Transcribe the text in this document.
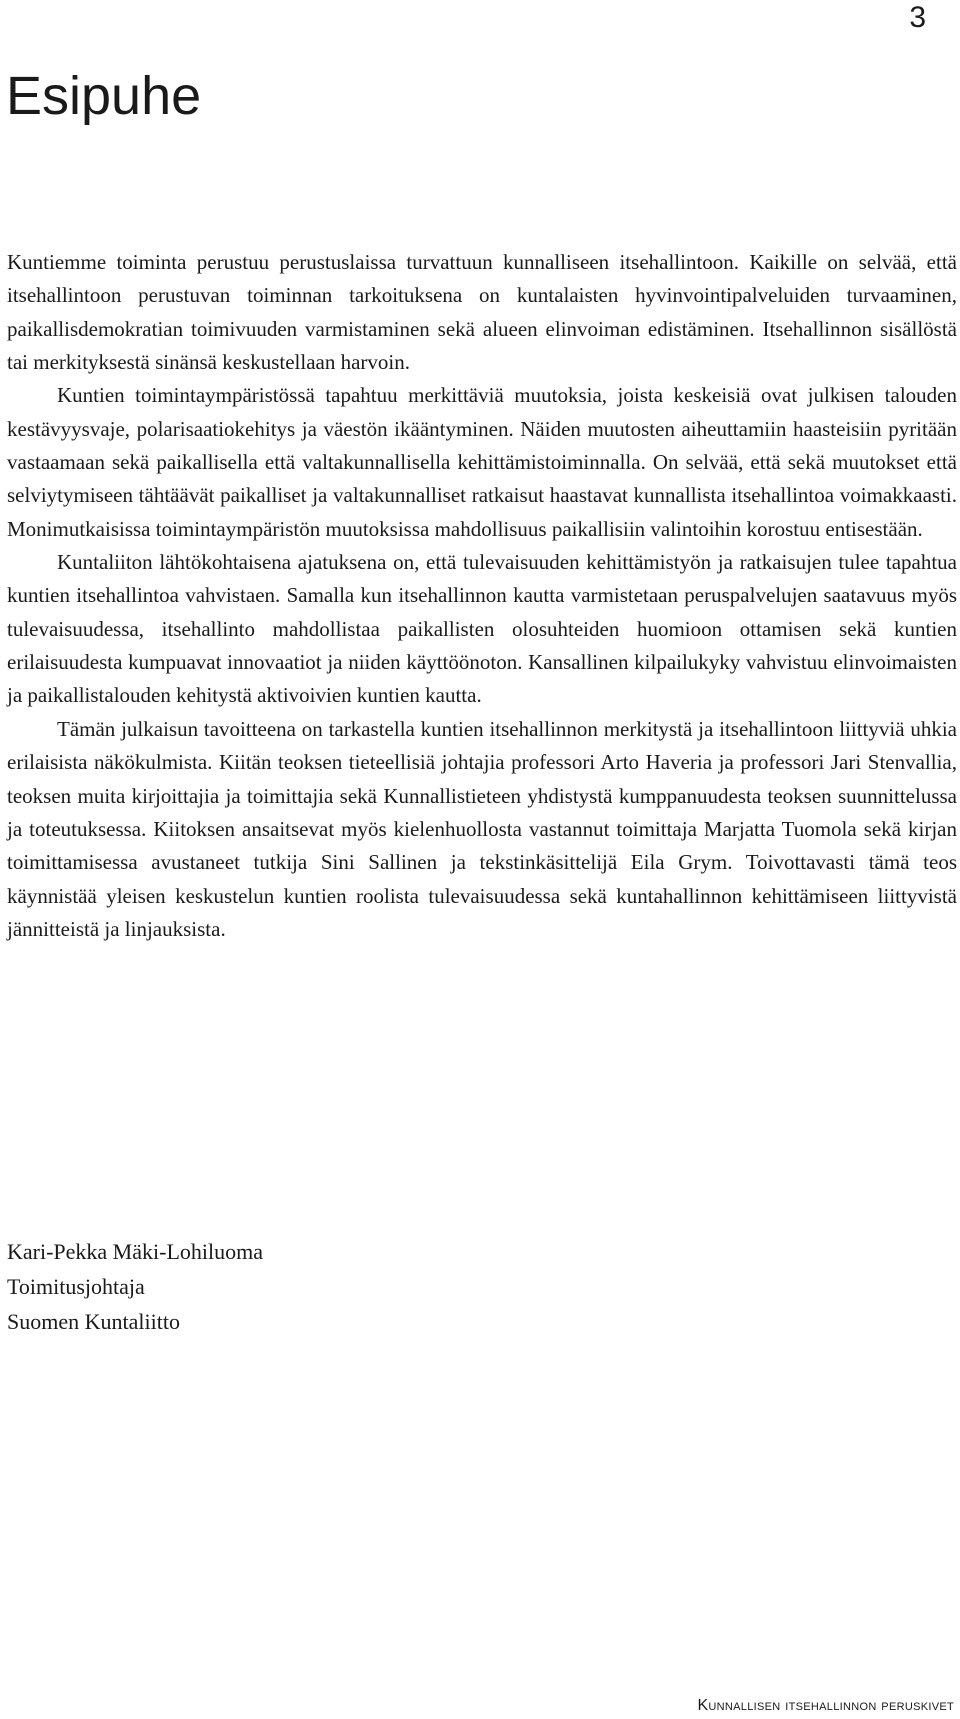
3
Esipuhe

Kuntiemme toiminta perustuu perustuslaissa turvattuun kunnalliseen itsehallintoon. Kaikille on selvää, että itsehallintoon perustuvan toiminnan tarkoituksena on kuntalaisten hyvinvointipalveluiden turvaaminen, paikallisdemokratian toimivuuden varmistaminen sekä alueen elinvoiman edistäminen. Itsehallinnon sisällöstä tai merkityksestä sinänsä keskustellaan harvoin.

Kuntien toimintaympäristössä tapahtuu merkittäviä muutoksia, joista keskeisiä ovat julkisen talouden kestävyysvaje, polarisaatiokehitys ja väestön ikääntyminen. Näiden muutosten aiheuttamiin haasteisiin pyritään vastaamaan sekä paikallisella että valtakunnallisella kehittämistoiminnalla. On selvää, että sekä muutokset että selviytymiseen tähtäävät paikalliset ja valtakunnalliset ratkaisut haastavat kunnallista itsehallintoa voimakkaasti. Monimutkaisissa toimintaympäristön muutoksissa mahdollisuus paikallisiin valintoihin korostuu entisestään.

Kuntaliiton lähtökohtaisena ajatuksena on, että tulevaisuuden kehittämistyön ja ratkaisujen tulee tapahtua kuntien itsehallintoa vahvistaen. Samalla kun itsehallinnon kautta varmistetaan peruspalvelujen saatavuus myös tulevaisuudessa, itsehallinto mahdollistaa paikallisten olosuhteiden huomioon ottamisen sekä kuntien erilaisuudesta kumpuavat innovaatiot ja niiden käyttöönoton. Kansallinen kilpailukyky vahvistuu elinvoimaisten ja paikallistalouden kehitystä aktivoivien kuntien kautta.

Tämän julkaisun tavoitteena on tarkastella kuntien itsehallinnon merkitystä ja itsehallintoon liittyviä uhkia erilaisista näkökulmista. Kiitän teoksen tieteellisiä johtajia professori Arto Haveria ja professori Jari Stenvallia, teoksen muita kirjoittajia ja toimittajia sekä Kunnallistieteen yhdistystä kumppanuudesta teoksen suunnittelussa ja toteutuksessa. Kiitoksen ansaitsevat myös kielenhuollosta vastannut toimittaja Marjatta Tuomola sekä kirjan toimittamisessa avustaneet tutkija Sini Sallinen ja tekstinkäsittelijä Eila Grym. Toivottavasti tämä teos käynnistää yleisen keskustelun kuntien roolista tulevaisuudessa sekä kuntahallinnon kehittämiseen liittyvistä jännitteistä ja linjauksista.

Kari-Pekka Mäki-Lohiluoma
Toimitusjohtaja
Suomen Kuntaliitto
Kunnallisen itsehallinnon peruskivet
